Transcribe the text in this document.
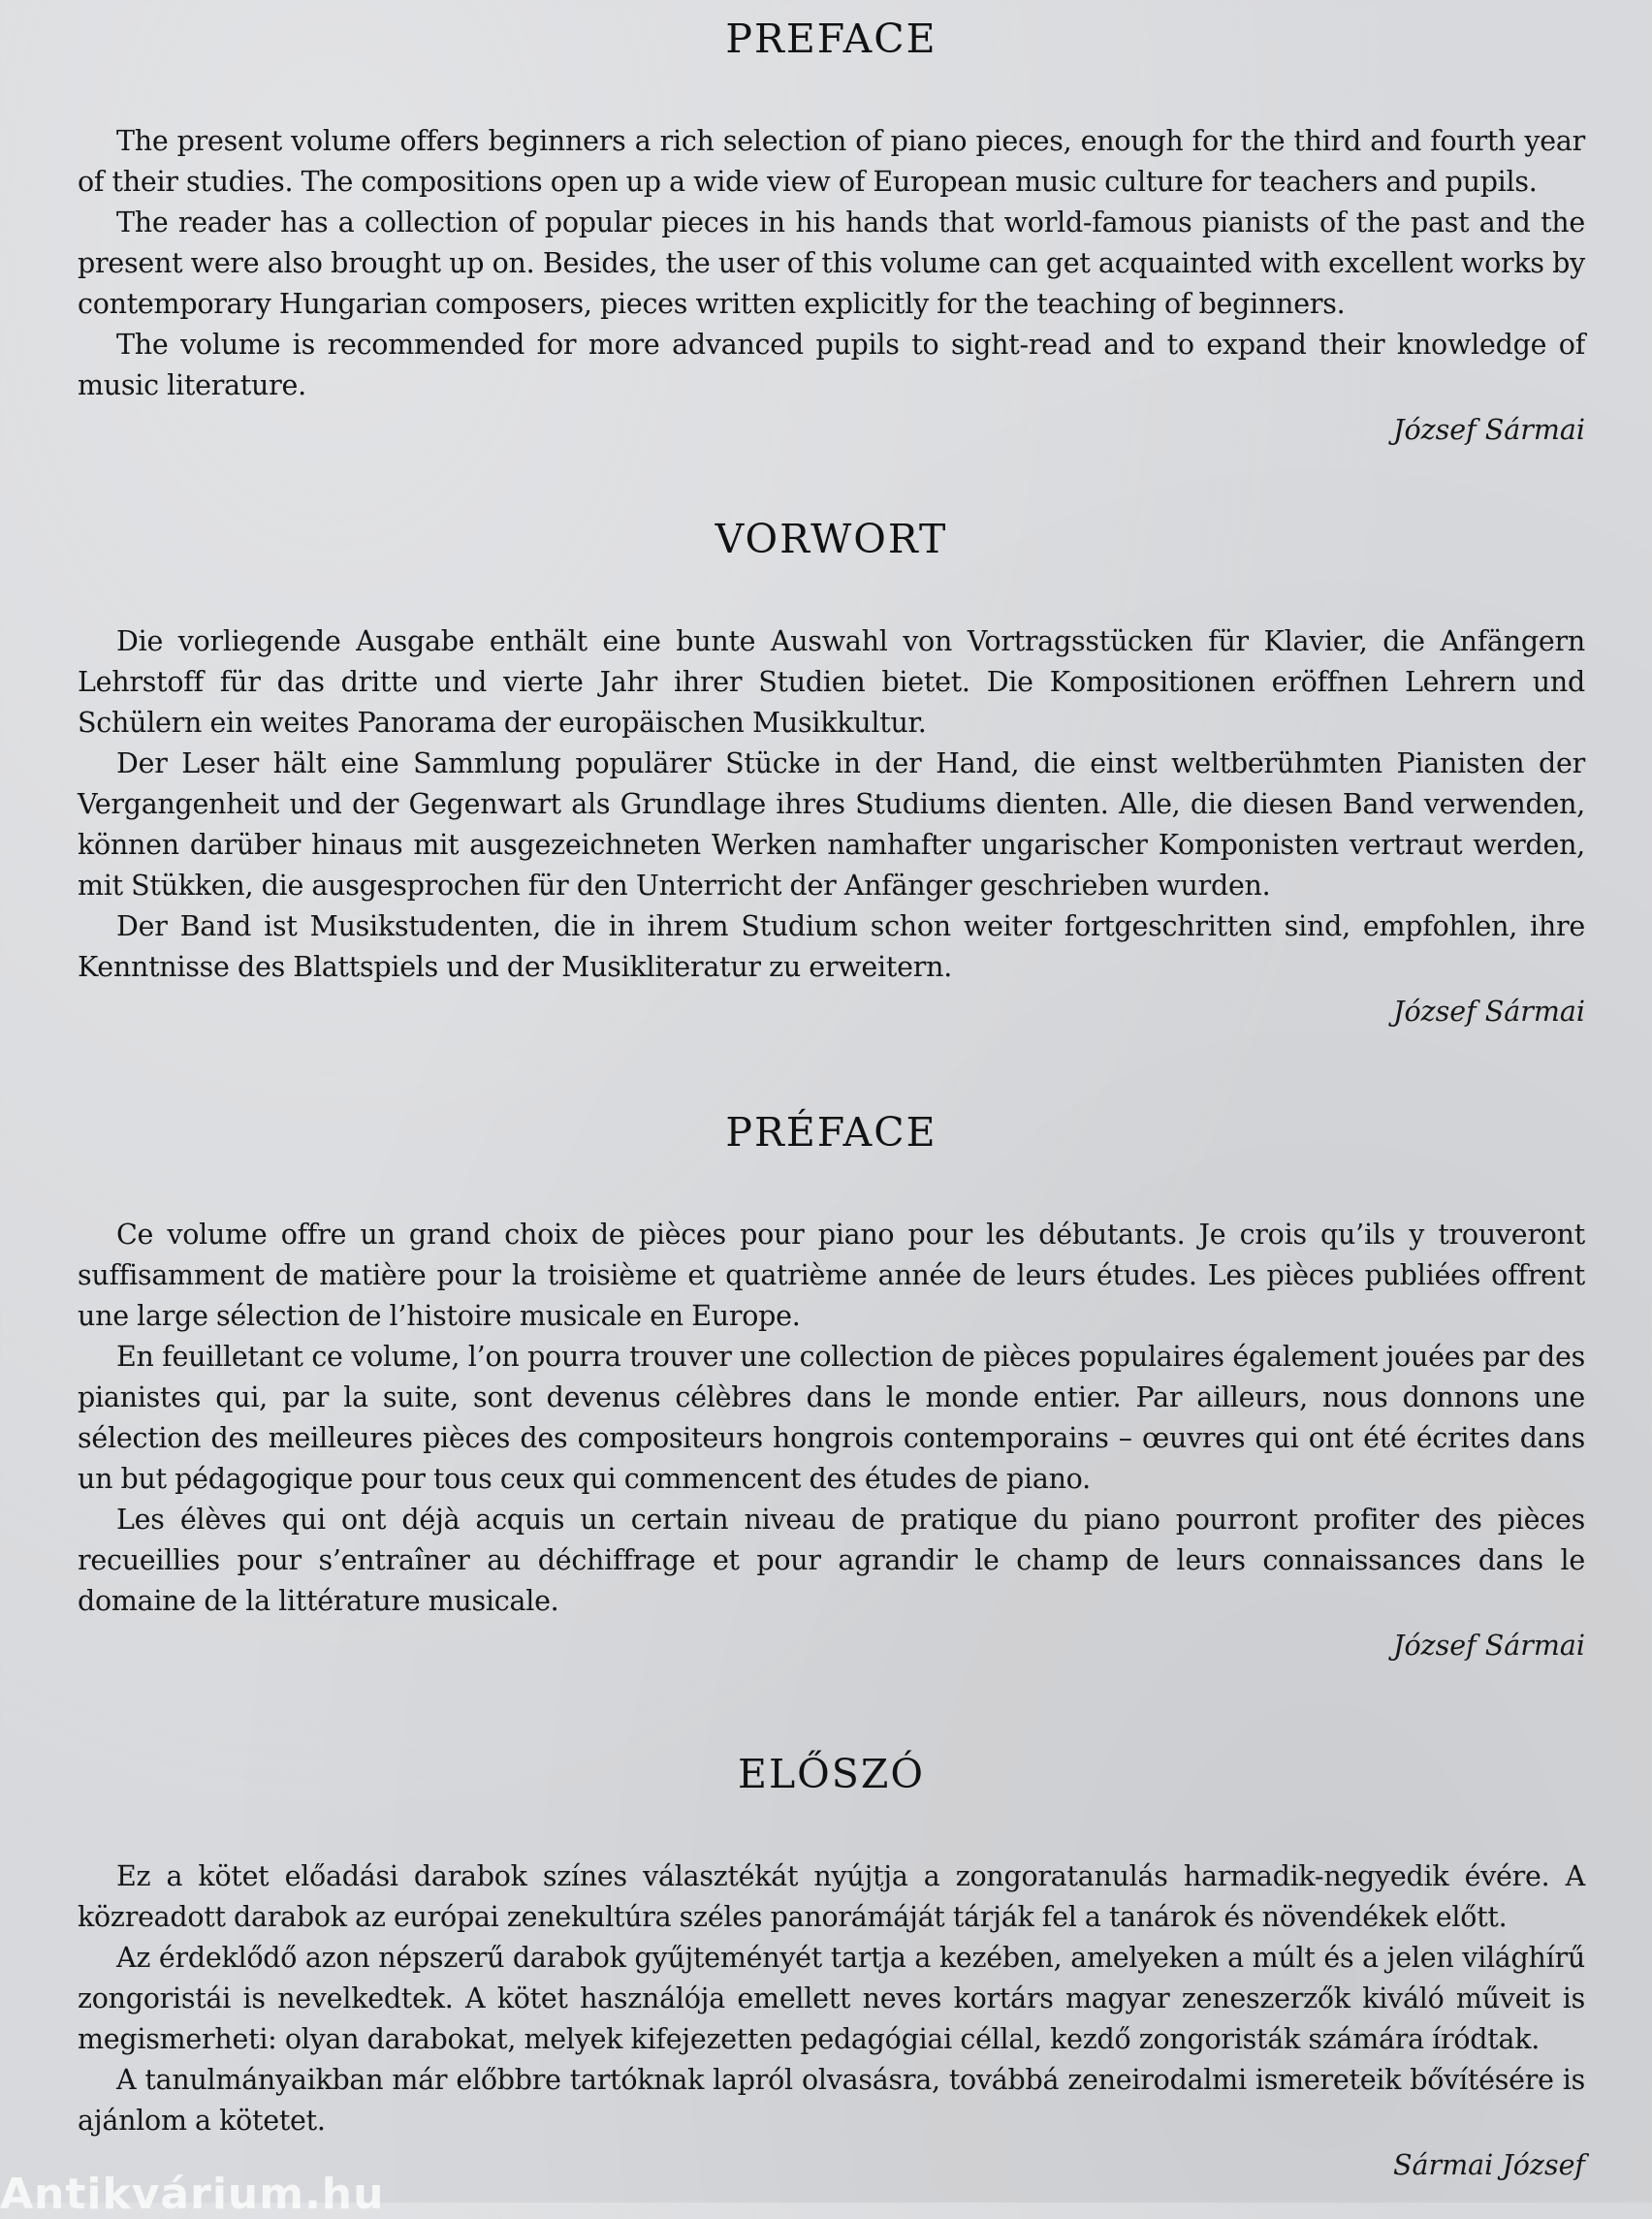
PREFACE

The present volume offers beginners a rich selection of piano pieces, enough for the third and fourth year of their studies. The compositions open up a wide view of European music culture for teachers and pupils.

The reader has a collection of popular pieces in his hands that world-famous pianists of the past and the present were also brought up on. Besides, the user of this volume can get acquainted with excellent works by contemporary Hungarian composers, pieces written explicitly for the teaching of beginners.

The volume is recommended for more advanced pupils to sight-read and to expand their knowledge of music literature.

József Sármai

VORWORT

Die vorliegende Ausgabe enthält eine bunte Auswahl von Vortragsstücken für Klavier, die Anfängern Lehrstoff für das dritte und vierte Jahr ihrer Studien bietet. Die Kompositionen eröffnen Lehrern und Schülern ein weites Panorama der europäischen Musikkultur.

Der Leser hält eine Sammlung populärer Stücke in der Hand, die einst weltberühmten Pianisten der Vergangenheit und der Gegenwart als Grundlage ihres Studiums dienten. Alle, die diesen Band verwenden, können darüber hinaus mit ausgezeichneten Werken namhafter ungarischer Komponisten vertraut werden, mit Stükken, die ausgesprochen für den Unterricht der Anfänger geschrieben wurden.

Der Band ist Musikstudenten, die in ihrem Studium schon weiter fortgeschritten sind, empfohlen, ihre Kenntnisse des Blattspiels und der Musikliteratur zu erweitern.

József Sármai

PRÉFACE

Ce volume offre un grand choix de pièces pour piano pour les débutants. Je crois qu’ils y trouveront suffisamment de matière pour la troisième et quatrième année de leurs études. Les pièces publiées offrent une large sélection de l’histoire musicale en Europe.

En feuilletant ce volume, l’on pourra trouver une collection de pièces populaires également jouées par des pianistes qui, par la suite, sont devenus célèbres dans le monde entier. Par ailleurs, nous donnons une sélection des meilleures pièces des compositeurs hongrois contemporains – œuvres qui ont été écrites dans un but pédagogique pour tous ceux qui commencent des études de piano.

Les élèves qui ont déjà acquis un certain niveau de pratique du piano pourront profiter des pièces recueillies pour s’entraîner au déchiffrage et pour agrandir le champ de leurs connaissances dans le domaine de la littérature musicale.

József Sármai

ELŐSZÓ

Ez a kötet előadási darabok színes választékát nyújtja a zongoratanulás harmadik-negyedik évére. A közreadott darabok az európai zenekultúra széles panorámáját tárják fel a tanárok és növendékek előtt.

Az érdeklődő azon népszerű darabok gyűjteményét tartja a kezében, amelyeken a múlt és a jelen világhírű zongoristái is nevelkedtek. A kötet használója emellett neves kortárs magyar zeneszerzők kiváló műveit is megismerheti: olyan darabokat, melyek kifejezetten pedagógiai céllal, kezdő zongoristák számára íródtak.

A tanulmányaikban már előbbre tartóknak lapról olvasásra, továbbá zeneirodalmi ismereteik bővítésére is ajánlom a kötetet.

Sármai József

Antikvárium.hu
